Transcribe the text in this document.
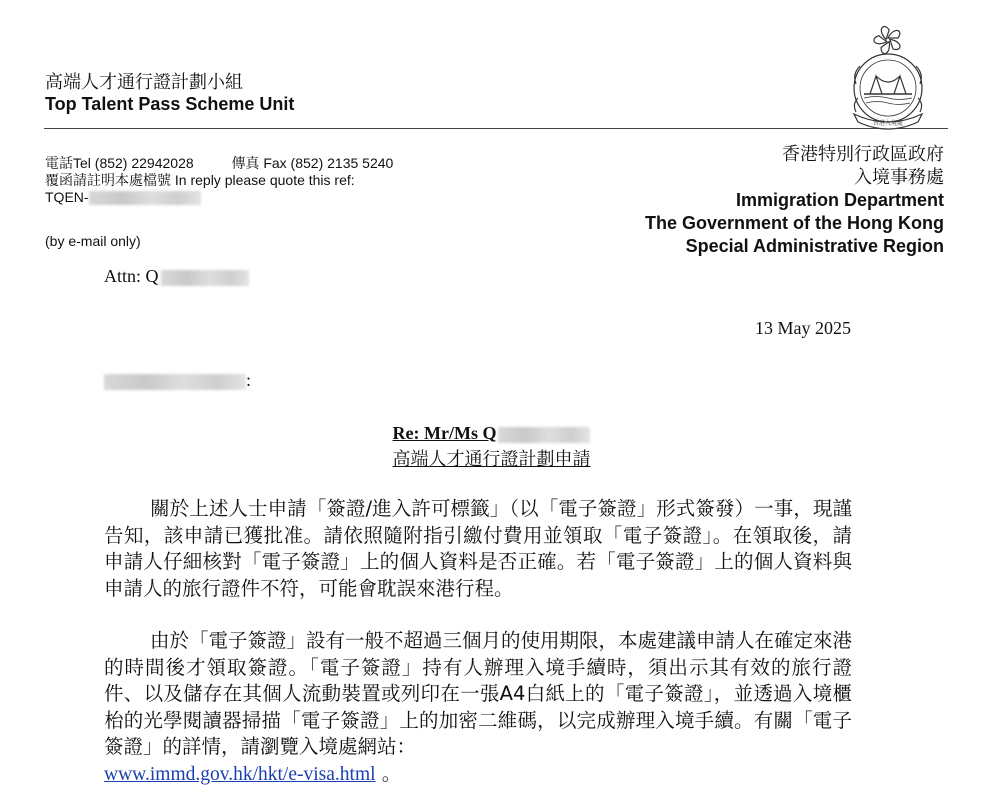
高端人才通行證計劃小組
Top Talent Pass Scheme Unit
香港入境處
電話Tel (852) 22942028	傳真 Fax (852) 2135 5240
覆函請註明本處檔號 In reply please quote this ref:
TQEN-
(by e-mail only)
香港特別行政區政府
入境事務處
Immigration Department
The Government of the Hong Kong
Special Administrative Region
Attn: Q
13 May 2025
:
Re: Mr/Ms Q
高端人才通行證計劃申請
關於上述人士申請「簽證/進入許可標籤」（以「電子簽證」形式簽發）一事，現謹告知，該申請已獲批准。請依照隨附指引繳付費用並領取「電子簽證」。在領取後，請申請人仔細核對「電子簽證」上的個人資料是否正確。若「電子簽證」上的個人資料與申請人的旅行證件不符，可能會耽誤來港行程。
由於「電子簽證」設有一般不超過三個月的使用期限，本處建議申請人在確定來港的時間後才領取簽證。「電子簽證」持有人辦理入境手續時，須出示其有效的旅行證件、以及儲存在其個人流動裝置或列印在一張A4白紙上的「電子簽證」，並透過入境櫃枱的光學閱讀器掃描「電子簽證」上的加密二維碼，以完成辦理入境手續。有關「電子簽證」的詳情，請瀏覽入境處網站：
www.immd.gov.hk/hkt/e-visa.html 。
